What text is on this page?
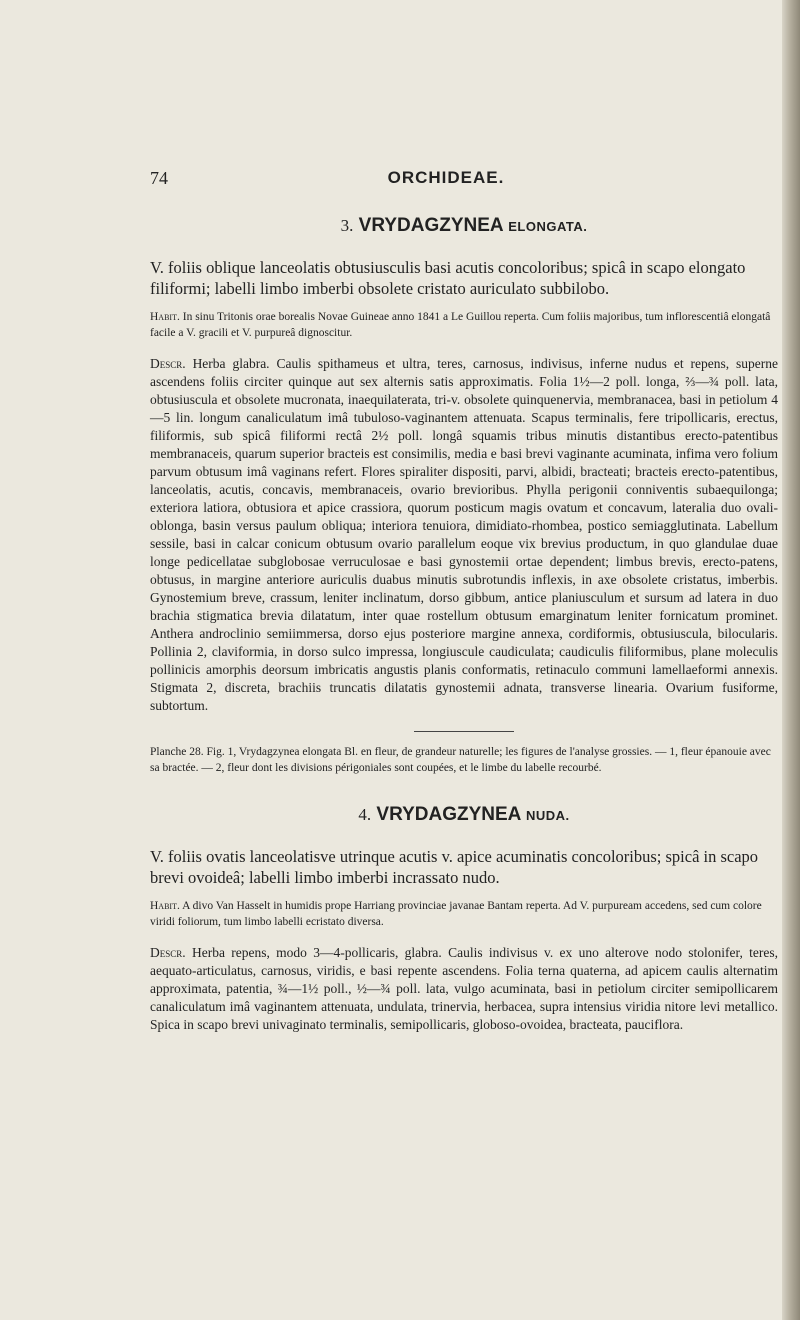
74	ORCHIDEAE.
3. VRYDAGZYNEA ELONGATA.

V. foliis oblique lanceolatis obtusiusculis basi acutis concoloribus; spicâ in scapo elongato filiformi; labelli limbo imberbi obsolete cristato auriculato subbilobo.

Habit. In sinu Tritonis orae borealis Novae Guineae anno 1841 a Le Guillou reperta. Cum foliis majoribus, tum inflorescentiâ elongatâ facile a V. gracili et V. purpureâ dignoscitur.

Descr. Herba glabra. Caulis spithameus et ultra, teres, carnosus, indivisus, inferne nudus et repens, superne ascendens foliis circiter quinque aut sex alternis satis approximatis. Folia 1½—2 poll. longa, ⅔—¾ poll. lata, obtusiuscula et obsolete mucronata, inaequilaterata, tri-v. obsolete quinquenervia, membranacea, basi in petiolum 4—5 lin. longum canaliculatum imâ tubuloso-vaginantem attenuata. Scapus terminalis, fere tripollicaris, erectus, filiformis, sub spicâ filiformi rectâ 2½ poll. longâ squamis tribus minutis distantibus erecto-patentibus membranaceis, quarum superior bracteis est consimilis, media e basi brevi vaginante acuminata, infima vero folium parvum obtusum imâ vaginans refert. Flores spiraliter dispositi, parvi, albidi, bracteati; bracteis erecto-patentibus, lanceolatis, acutis, concavis, membranaceis, ovario brevioribus. Phylla perigonii conniventis subaequilonga; exteriora latiora, obtusiora et apice crassiora, quorum posticum magis ovatum et concavum, lateralia duo ovali-oblonga, basin versus paulum obliqua; interiora tenuiora, dimidiato-rhombea, postico semiagglutinata. Labellum sessile, basi in calcar conicum obtusum ovario parallelum eoque vix brevius productum, in quo glandulae duae longe pedicellatae subglobosae verruculosae e basi gynostemii ortae dependent; limbus brevis, erecto-patens, obtusus, in margine anteriore auriculis duabus minutis subrotundis inflexis, in axe obsolete cristatus, imberbis. Gynostemium breve, crassum, leniter inclinatum, dorso gibbum, antice planiusculum et sursum ad latera in duo brachia stigmatica brevia dilatatum, inter quae rostellum obtusum emarginatum leniter fornicatum prominet. Anthera androclinio semiimmersa, dorso ejus posteriore margine annexa, cordiformis, obtusiuscula, bilocularis. Pollinia 2, claviformia, in dorso sulco impressa, longiuscule caudiculata; caudiculis filiformibus, plane moleculis pollinicis amorphis deorsum imbricatis angustis planis conformatis, retinaculo communi lamellaeformi annexis. Stigmata 2, discreta, brachiis truncatis dilatatis gynostemii adnata, transverse linearia. Ovarium fusiforme, subtortum.

Planche 28. Fig. 1, Vrydagzynea elongata Bl. en fleur, de grandeur naturelle; les figures de l'analyse grossies. — 1, fleur épanouie avec sa bractée. — 2, fleur dont les divisions périgoniales sont coupées, et le limbe du labelle recourbé.

4. VRYDAGZYNEA NUDA.

V. foliis ovatis lanceolatisve utrinque acutis v. apice acuminatis concoloribus; spicâ in scapo brevi ovoideâ; labelli limbo imberbi incrassato nudo.

Habit. A divo Van Hasselt in humidis prope Harriang provinciae javanae Bantam reperta. Ad V. purpuream accedens, sed cum colore viridi foliorum, tum limbo labelli ecristato diversa.

Descr. Herba repens, modo 3—4-pollicaris, glabra. Caulis indivisus v. ex uno alterove nodo stolonifer, teres, aequato-articulatus, carnosus, viridis, e basi repente ascendens. Folia terna quaterna, ad apicem caulis alternatim approximata, patentia, ¾—1½ poll., ½—¾ poll. lata, vulgo acuminata, basi in petiolum circiter semipollicarem canaliculatum imâ vaginantem attenuata, undulata, trinervia, herbacea, supra intensius viridia nitore levi metallico. Spica in scapo brevi univaginato terminalis, semipollicaris, globoso-ovoidea, bracteata, pauciflora.
